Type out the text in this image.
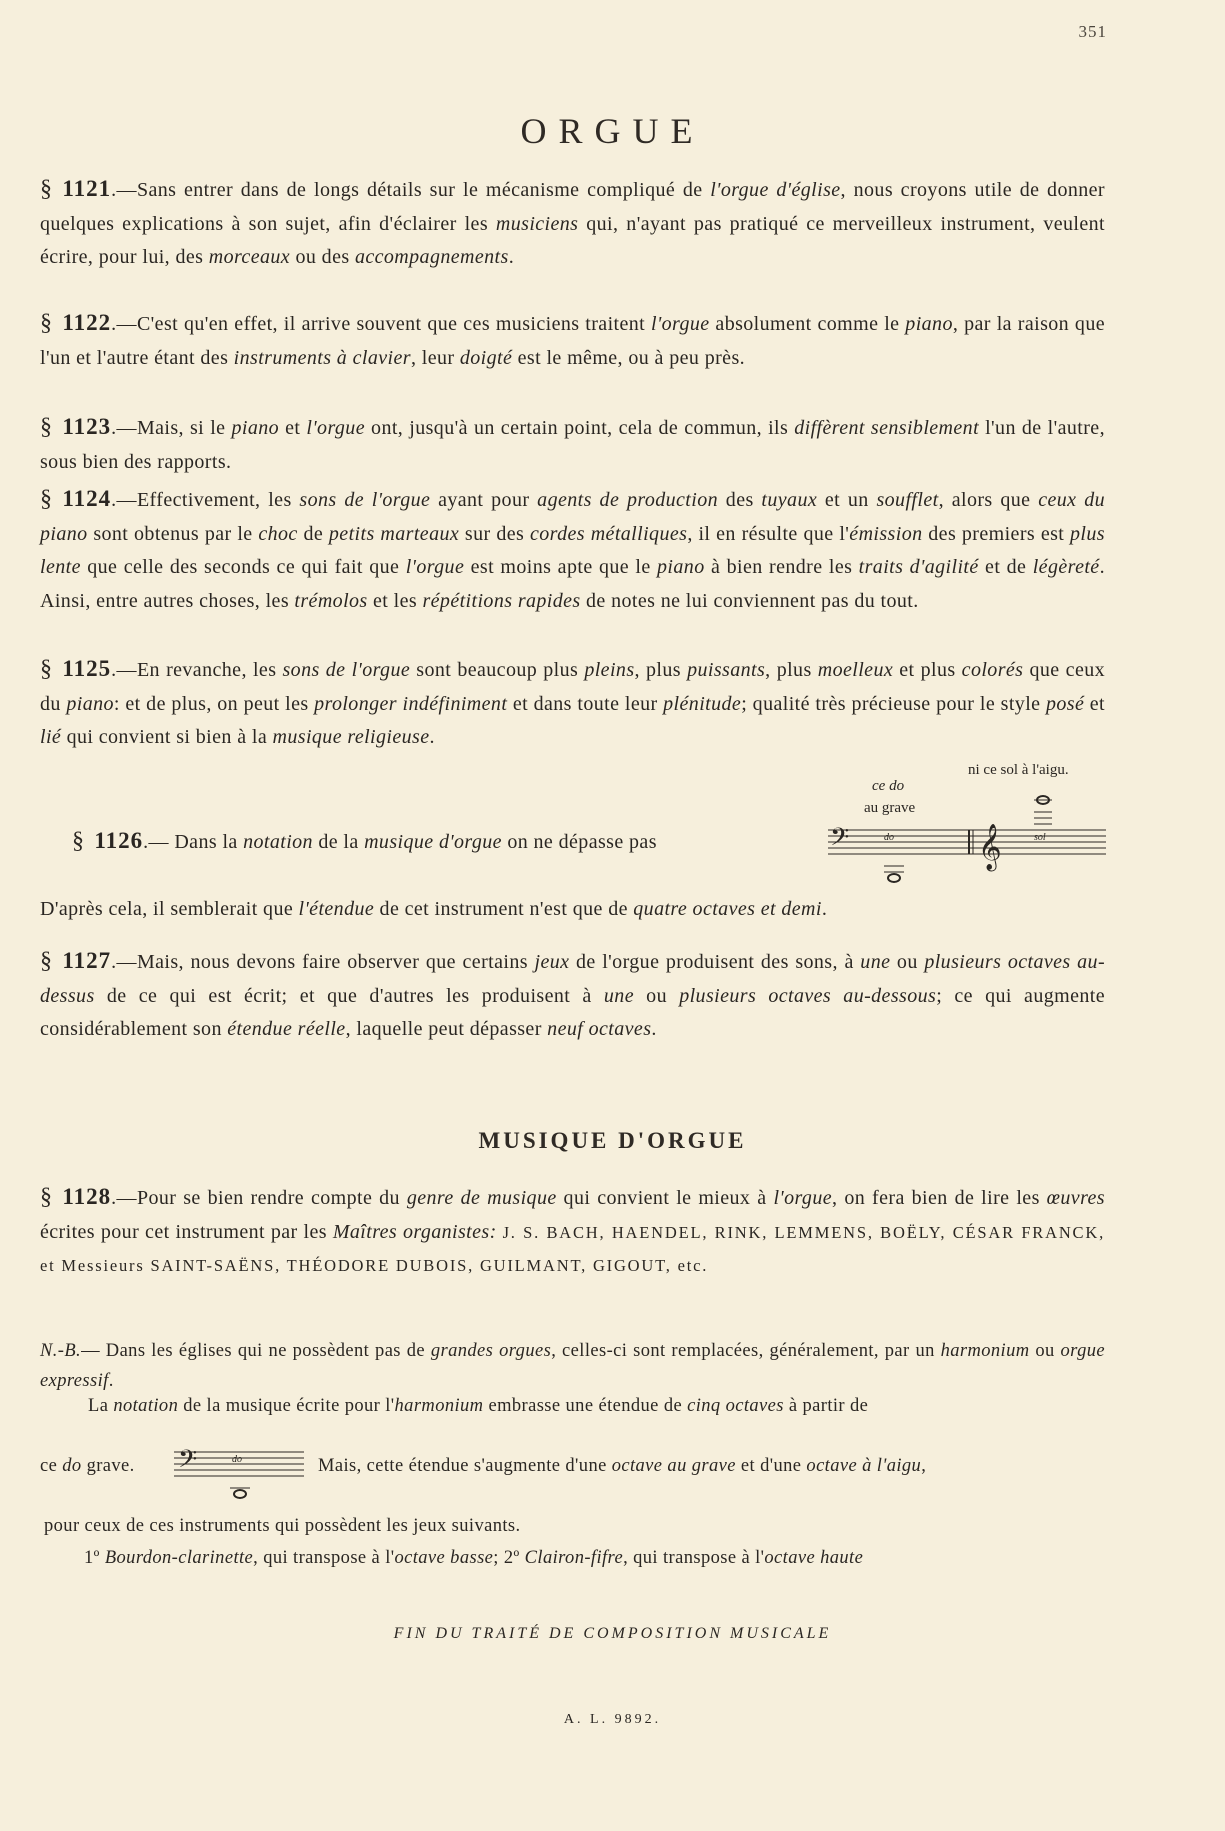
351
ORGUE

§ 1121.—Sans entrer dans de longs détails sur le mécanisme compliqué de l'orgue d'église, nous croyons utile de donner quelques explications à son sujet, afin d'éclairer les musiciens qui, n'ayant pas pratiqué ce merveilleux instrument, veulent écrire, pour lui, des morceaux ou des accompagnements.

§ 1122.—C'est qu'en effet, il arrive souvent que ces musiciens traitent l'orgue absolument comme le piano, par la raison que l'un et l'autre étant des instruments à clavier, leur doigté est le même, ou à peu près.

§ 1123.—Mais, si le piano et l'orgue ont, jusqu'à un certain point, cela de commun, ils diffèrent sensiblement l'un de l'autre, sous bien des rapports.

§ 1124.—Effectivement, les sons de l'orgue ayant pour agents de production des tuyaux et un soufflet, alors que ceux du piano sont obtenus par le choc de petits marteaux sur des cordes métalliques, il en résulte que l'émission des premiers est plus lente que celle des seconds ce qui fait que l'orgue est moins apte que le piano à bien rendre les traits d'agilité et de légèreté. Ainsi, entre autres choses, les trémolos et les répétitions rapides de notes ne lui conviennent pas du tout.

§ 1125.—En revanche, les sons de l'orgue sont beaucoup plus pleins, plus puissants, plus moelleux et plus colorés que ceux du piano: et de plus, on peut les prolonger indéfiniment et dans toute leur plénitude; qualité très précieuse pour le style posé et lié qui convient si bien à la musique religieuse.

§ 1126.— Dans la notation de la musique d'orgue on ne dépasse pas
ce do
au grave
ni ce sol à l'aigu.
𝄢	𝄞
do	sol
D'après cela, il semblerait que l'étendue de cet instrument n'est que de quatre octaves et demi.

§ 1127.—Mais, nous devons faire observer que certains jeux de l'orgue produisent des sons, à une ou plusieurs octaves au-dessus de ce qui est écrit; et que d'autres les produisent à une ou plusieurs octaves au-dessous; ce qui augmente considérablement son étendue réelle, laquelle peut dépasser neuf octaves.

MUSIQUE D'ORGUE

§ 1128.—Pour se bien rendre compte du genre de musique qui convient le mieux à l'orgue, on fera bien de lire les œuvres écrites pour cet instrument par les Maîtres organistes: J. S. BACH, HAENDEL, RINK, LEMMENS, BOËLY, CÉSAR FRANCK, et Messieurs SAINT-SAËNS, THÉODORE DUBOIS, GUILMANT, GIGOUT, etc.

N.-B.— Dans les églises qui ne possèdent pas de grandes orgues, celles-ci sont remplacées, généralement, par un harmonium ou orgue expressif.

La notation de la musique écrite pour l'harmonium embrasse une étendue de cinq octaves à partir de
ce do grave. 𝄢	do	Mais, cette étendue s'augmente d'une octave au grave et d'une octave à l'aigu,
pour ceux de ces instruments qui possèdent les jeux suivants.
1º Bourdon-clarinette, qui transpose à l'octave basse; 2º Clairon-fifre, qui transpose à l'octave haute
FIN DU TRAITÉ DE COMPOSITION MUSICALE
A. L. 9892.
